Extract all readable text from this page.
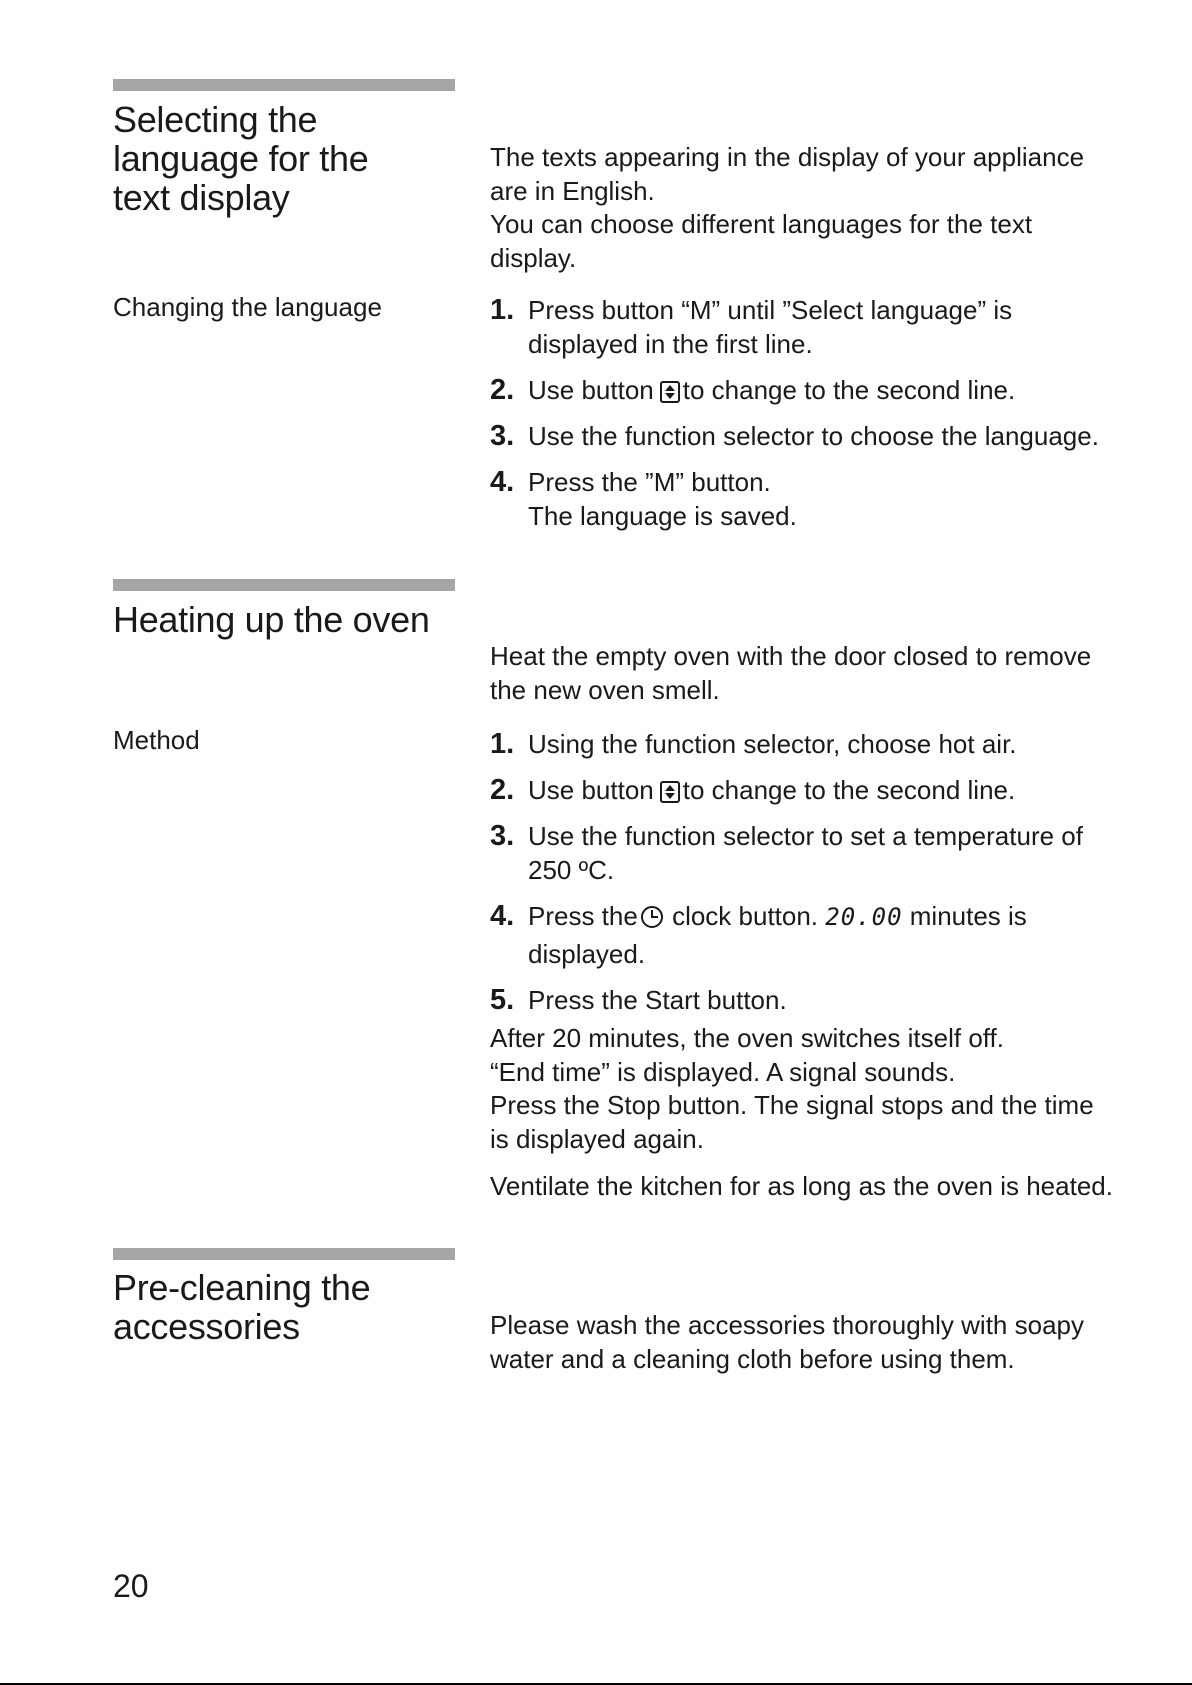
Selecting the
language for the
text display

The texts appearing in the display of your appliance are in English.

You can choose different languages for the text display.

Changing the language	1. Press button “M” until ”Select language” is displayed in the first line.
2. Use button to change to the second line.
3. Use the function selector to choose the language.
4. Press the ”M” button.
The language is saved.
Heating up the oven

Heat the empty oven with the door closed to remove the new oven smell.

Method	1. Using the function selector, choose hot air.
2. Use button to change to the second line.
3. Use the function selector to set a temperature of 250 ºC.
4. Press the clock button. 20.00 minutes is displayed.
5. Press the Start button.

After 20 minutes, the oven switches itself off.

“End time” is displayed. A signal sounds.

Press the Stop button. The signal stops and the time is displayed again.

Ventilate the kitchen for as long as the oven is heated.

Pre-cleaning the
accessories	Please wash the accessories thoroughly with soapy water and a cleaning cloth before using them.

20
